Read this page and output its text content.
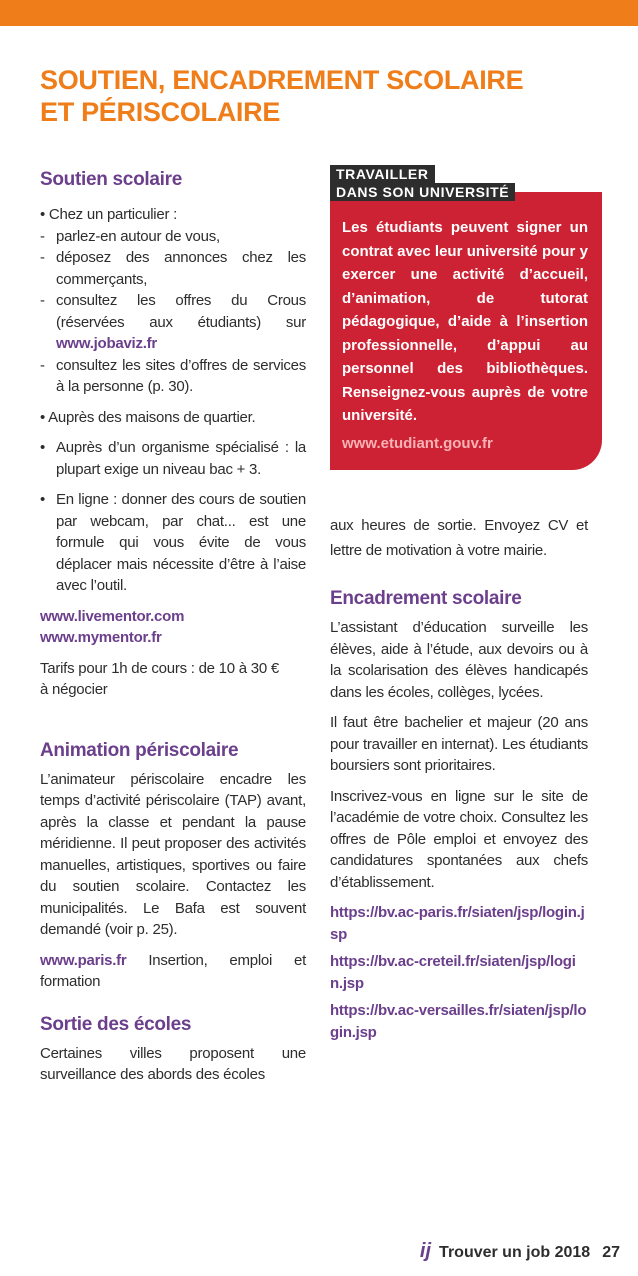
SOUTIEN, ENCADREMENT SCOLAIRE
ET PÉRISCOLAIRE
Soutien scolaire
• Chez un particulier :
- parlez-en autour de vous,
- déposez des annonces chez les commerçants,
- consultez les offres du Crous (réservées aux étudiants) sur www.jobaviz.fr
- consultez les sites d’offres de services à la personne (p. 30).
• Auprès des maisons de quartier.
• Auprès d’un organisme spécialisé : la plupart exige un niveau bac + 3.
• En ligne : donner des cours de soutien par webcam, par chat... est une formule qui vous évite de vous déplacer mais nécessite d’être à l’aise avec l’outil.
www.livementor.com
www.mymentor.fr

Tarifs pour 1h de cours : de 10 à 30 € à négocier

Animation périscolaire

L’animateur périscolaire encadre les temps d’activité périscolaire (TAP) avant, après la classe et pendant la pause méridienne. Il peut proposer des activités manuelles, artistiques, sportives ou faire du soutien scolaire. Contactez les municipalités. Le Bafa est souvent demandé (voir p. 25).

www.paris.fr Insertion, emploi et formation

Sortie des écoles

Certaines villes proposent une surveillance des abords des écoles

TRAVAILLER
DANS SON UNIVERSITÉ

Les étudiants peuvent signer un contrat avec leur université pour y exercer une activité d’accueil, d’animation, de tutorat pédagogique, d’aide à l’insertion professionnelle, d’appui au personnel des bibliothèques. Renseignez-vous auprès de votre université.

www.etudiant.gouv.fr

aux heures de sortie. Envoyez CV et lettre de motivation à votre mairie.

Encadrement scolaire

L’assistant d’éducation surveille les élèves, aide à l’étude, aux devoirs ou à la scolarisation des élèves handicapés dans les écoles, collèges, lycées.

Il faut être bachelier et majeur (20 ans pour travailler en internat). Les étudiants boursiers sont prioritaires.

Inscrivez-vous en ligne sur le site de l’académie de votre choix. Consultez les offres de Pôle emploi et envoyez des candidatures spontanées aux chefs d’établissement.

https://bv.ac-paris.fr/siaten/jsp/login.jsp
https://bv.ac-creteil.fr/siaten/jsp/login.jsp
https://bv.ac-versailles.fr/siaten/jsp/login.jsp
ij Trouver un job 2018 27
